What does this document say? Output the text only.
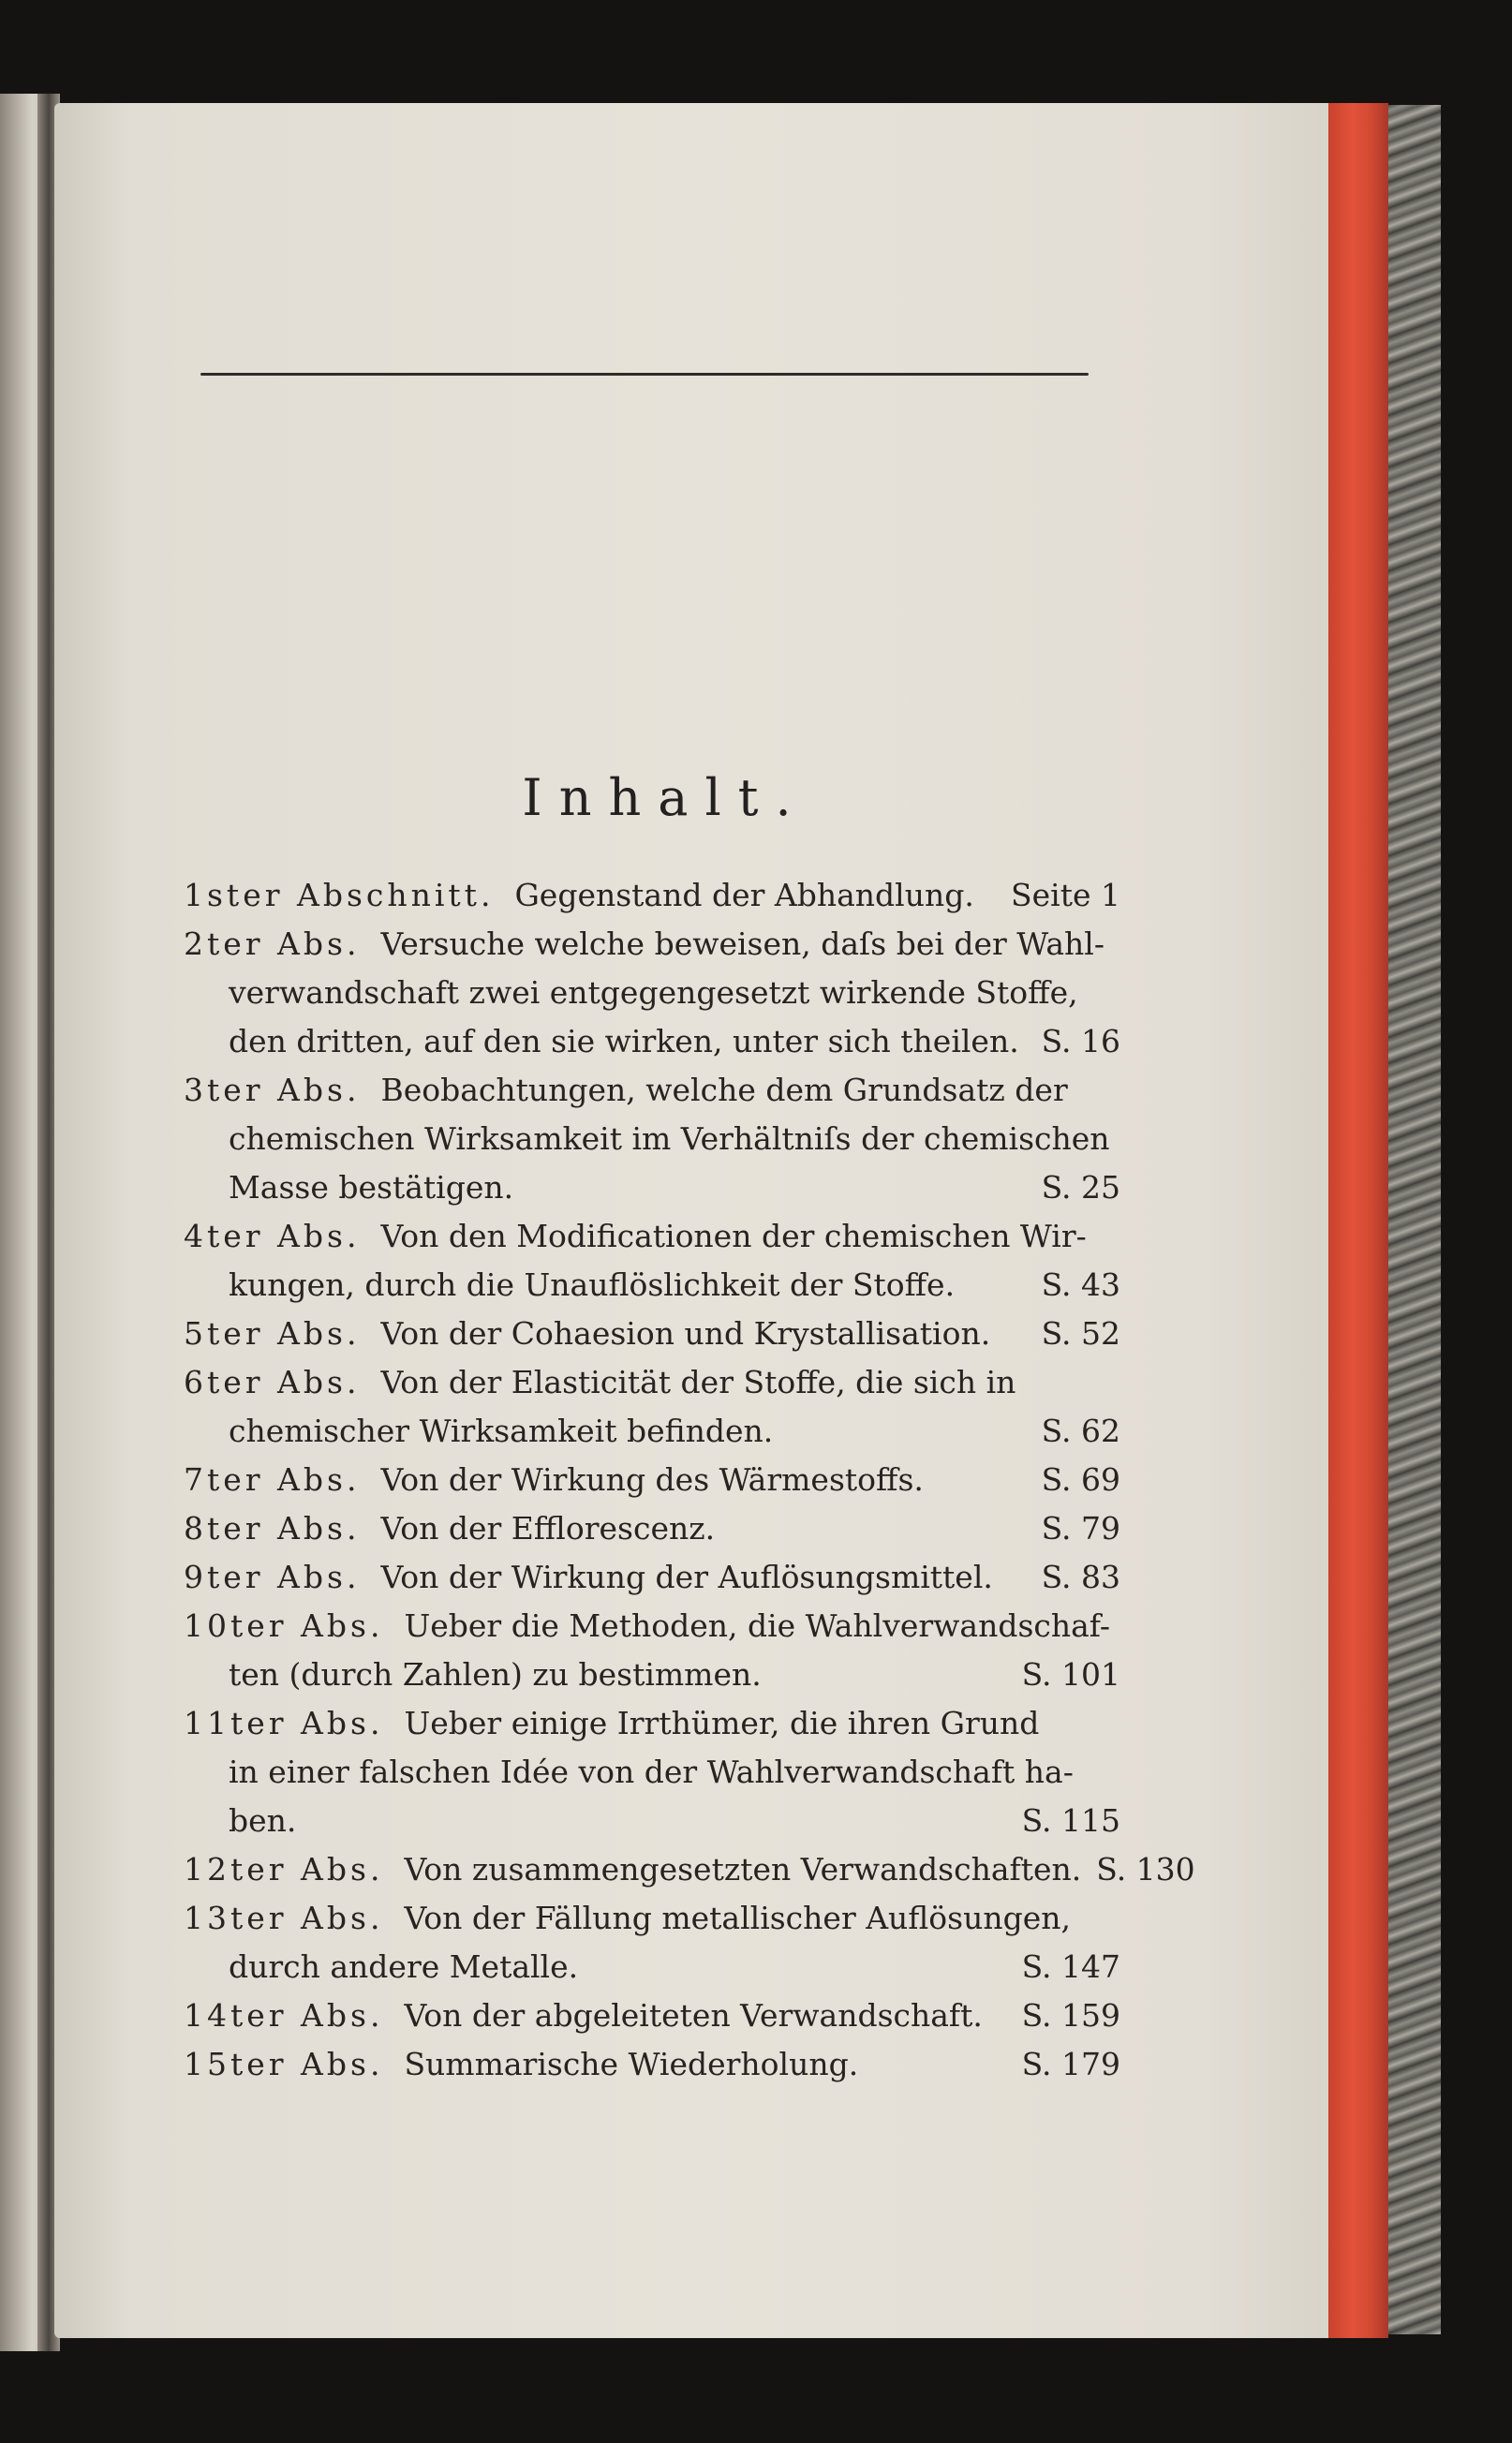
Inhalt.
1ster Abschnitt. Gegenstand der Abhandlung.	Seite 1
2ter Abs. Versuche welche beweisen, daſs bei der Wahl-
verwandschaft zwei entgegengesetzt wirkende Stoffe,
den dritten, auf den sie wirken, unter sich theilen. S. 16
3ter Abs. Beobachtungen, welche dem Grundsatz der
chemischen Wirksamkeit im Verhältniſs der chemischen
Masse bestätigen.	S. 25
4ter Abs. Von den Modificationen der chemischen Wir-
kungen, durch die Unauflöslichkeit der Stoffe.	S. 43
5ter Abs. Von der Cohaesion und Krystallisation.	S. 52
6ter Abs. Von der Elasticität der Stoffe, die sich in
chemischer Wirksamkeit befinden.	S. 62
7ter Abs. Von der Wirkung des Wärmestoffs.	S. 69
8ter Abs. Von der Efflorescenz.	S. 79
9ter Abs. Von der Wirkung der Auflösungsmittel.	S. 83
10ter Abs. Ueber die Methoden, die Wahlverwandschaf-
ten (durch Zahlen) zu bestimmen.	S. 101
11ter Abs. Ueber einige Irrthümer, die ihren Grund
in einer falschen Idée von der Wahlverwandschaft ha-
ben.	S. 115
12ter Abs. Von zusammengesetzten Verwandschaften. S. 130
13ter Abs. Von der Fällung metallischer Auflösungen,
durch andere Metalle.	S. 147
14ter Abs. Von der abgeleiteten Verwandschaft.	S. 159
15ter Abs. Summarische Wiederholung.	S. 179
